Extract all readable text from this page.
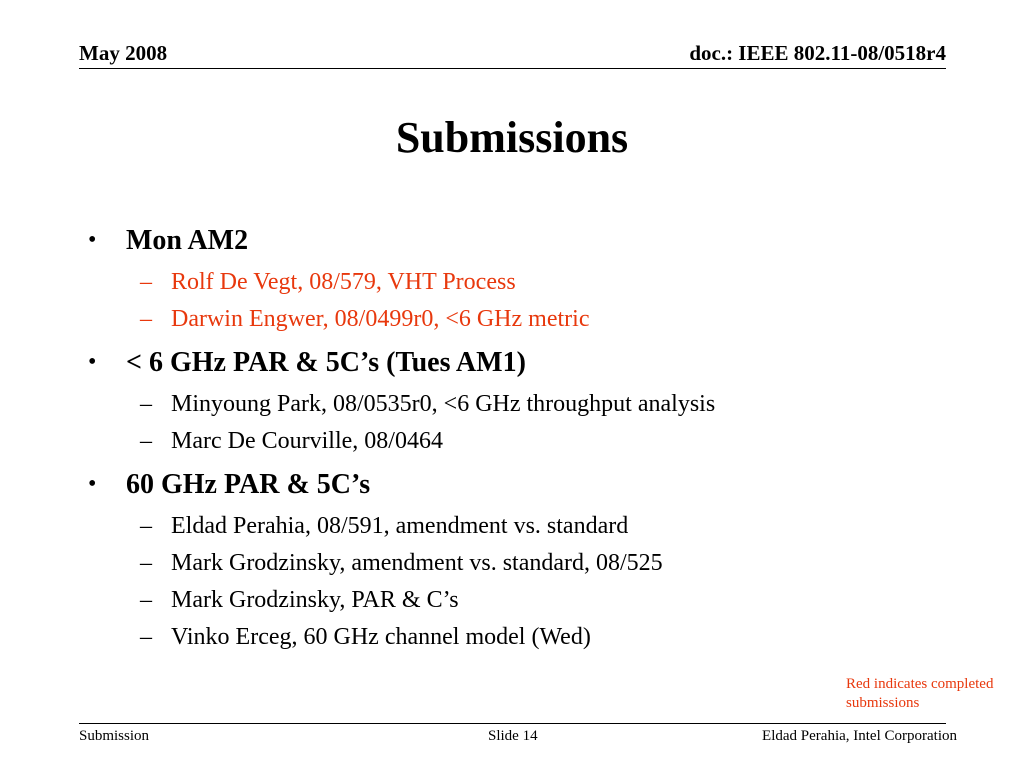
May 2008	doc.: IEEE 802.11-08/0518r4
Submissions
• Mon AM2
– Rolf De Vegt, 08/579, VHT Process
– Darwin Engwer, 08/0499r0, <6 GHz metric
• < 6 GHz PAR & 5C’s (Tues AM1)
– Minyoung Park, 08/0535r0, <6 GHz throughput analysis
– Marc De Courville, 08/0464
• 60 GHz PAR & 5C’s
– Eldad Perahia, 08/591, amendment vs. standard
– Mark Grodzinsky, amendment vs. standard, 08/525
– Mark Grodzinsky, PAR & C’s
– Vinko Erceg, 60 GHz channel model (Wed)
Red indicates completed
submissions
Submission	Slide 14	Eldad Perahia, Intel Corporation
